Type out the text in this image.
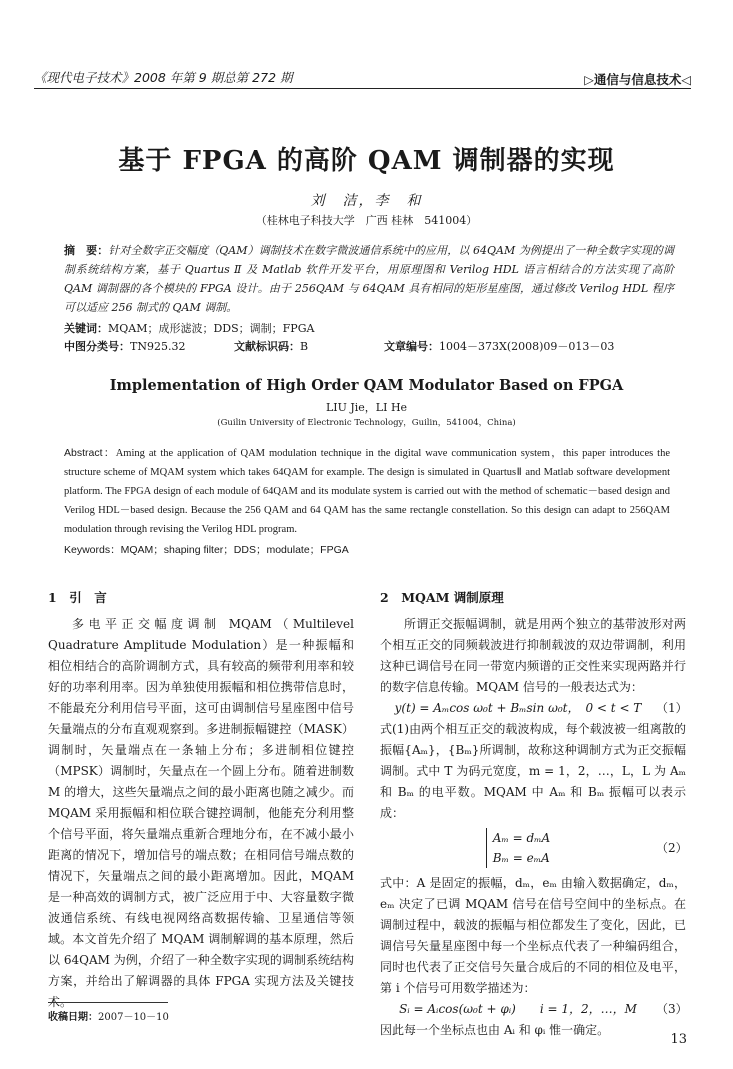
《现代电子技术》2008 年第 9 期总第 272 期	▷通信与信息技术◁
基于 FPGA 的高阶 QAM 调制器的实现
刘　洁，李　和
（桂林电子科技大学　广西 桂林　541004）
摘　要：针对全数字正交幅度（QAM）调制技术在数字微波通信系统中的应用，以 64QAM 为例提出了一种全数字实现的调制系统结构方案，基于 Quartus Ⅱ 及 Matlab 软件开发平台，用原理图和 Verilog HDL 语言相结合的方法实现了高阶 QAM 调制器的各个模块的 FPGA 设计。由于 256QAM 与 64QAM 具有相同的矩形星座图，通过修改 Verilog HDL 程序可以适应 256 制式的 QAM 调制。
关键词：MQAM；成形滤波；DDS；调制；FPGA
中图分类号：TN925.32	文献标识码：B	文章编号：1004－373X(2008)09－013－03
Implementation of High Order QAM Modulator Based on FPGA
LIU Jie，LI He
(Guilin University of Electronic Technology，Guilin，541004，China)
Abstract：Aming at the application of QAM modulation technique in the digital wave communication system，this paper introduces the structure scheme of MQAM system which takes 64QAM for example. The design is simulated in QuartusⅡ and Matlab software development platform. The FPGA design of each module of 64QAM and its modulate system is carried out with the method of schematic－based design and Verilog HDL－based design. Because the 256 QAM and 64 QAM has the same rectangle constellation. So this design can adapt to 256QAM modulation through revising the Verilog HDL program.
Keywords：MQAM；shaping filter；DDS；modulate；FPGA
1　引　言

多电平正交幅度调制 MQAM（Multilevel Quadrature Amplitude Modulation）是一种振幅和相位相结合的高阶调制方式，具有较高的频带利用率和较好的功率利用率。因为单独使用振幅和相位携带信息时，不能最充分利用信号平面，这可由调制信号星座图中信号矢量端点的分布直观观察到。多进制振幅键控（MASK）调制时，矢量端点在一条轴上分布；多进制相位键控（MPSK）调制时，矢量点在一个圆上分布。随着进制数 M 的增大，这些矢量端点之间的最小距离也随之减少。而 MQAM 采用振幅和相位联合键控调制，他能充分利用整个信号平面，将矢量端点重新合理地分布，在不减小最小距离的情况下，增加信号的端点数；在相同信号端点数的情况下，矢量端点之间的最小距离增加。因此，MQAM 是一种高效的调制方式，被广泛应用于中、大容量数字微波通信系统、有线电视网络高数据传输、卫星通信等领域。本文首先介绍了 MQAM 调制解调的基本原理，然后以 64QAM 为例，介绍了一种全数字实现的调制系统结构方案，并给出了解调器的具体 FPGA 实现方法及关键技术。

收稿日期：2007－10－10
2　MQAM 调制原理

所谓正交振幅调制，就是用两个独立的基带波形对两个相互正交的同频载波进行抑制载波的双边带调制，利用这种已调信号在同一带宽内频谱的正交性来实现两路并行的数字信息传输。MQAM 信号的一般表达式为：

y(t) = Aₘcos ω₀t + Bₘsin ω₀t，　0 < t < T	（1）

式(1)由两个相互正交的载波构成，每个载波被一组离散的振幅{Aₘ}，{Bₘ}所调制，故称这种调制方式为正交振幅调制。式中 T 为码元宽度，m = 1，2，…，L，L 为 Aₘ 和 Bₘ 的电平数。MQAM 中 Aₘ 和 Bₘ 振幅可以表示成：

Aₘ = dₘA
Bₘ = eₘA
（2）

式中：A 是固定的振幅，dₘ，eₘ 由输入数据确定，dₘ，eₘ 决定了已调 MQAM 信号在信号空间中的坐标点。在调制过程中，载波的振幅与相位都发生了变化，因此，已调信号矢量星座图中每一个坐标点代表了一种编码组合，同时也代表了正交信号矢量合成后的不同的相位及电平，第 i 个信号可用数学描述为：

Sᵢ = Aᵢcos(ω₀t + φᵢ)　　i = 1，2，…，M	（3）

因此每一个坐标点也由 Aᵢ 和 φᵢ 惟一确定。

13
